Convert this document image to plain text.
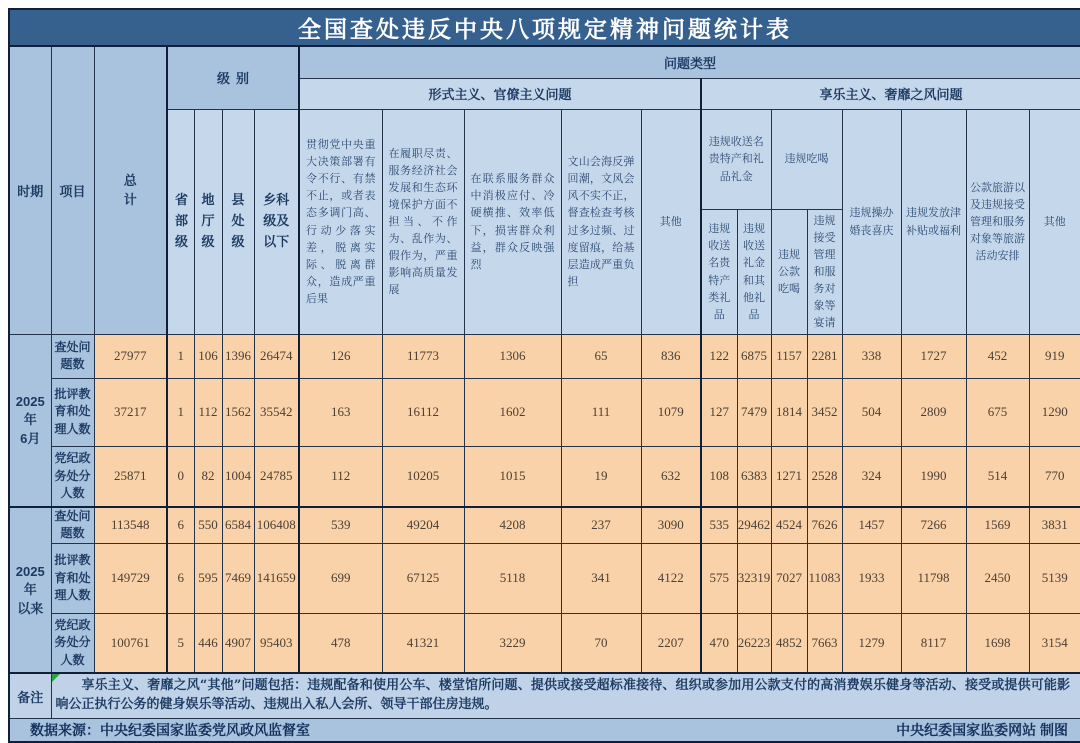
全国查处违反中央八项规定精神问题统计表																			
时期	项目	总计	级别				问题类型												
							形式主义、官僚主义问题					享乐主义、奢靡之风问题							
			省部级	地厅级	县处级	乡科级及以下	贯彻党中央重大决策部署有令不行、有禁不止，或者表态多调门高、行动少落实差，脱离实际、脱离群众，造成严重后果	在履职尽责、服务经济社会发展和生态环境保护方面不担当、不作为、乱作为、假作为，严重影响高质量发展	在联系服务群众中消极应付、冷硬横推、效率低下，损害群众利益，群众反映强烈	文山会海反弹回潮，文风会风不实不正，督查检查考核过多过频、过度留痕，给基层造成严重负担	其他	违规收送名贵特产和礼品礼金		违规吃喝		违规操办婚丧喜庆	违规发放津补贴或福利	公款旅游以及违规接受管理和服务对象等旅游活动安排	其他
												违规收送名贵特产类礼品	违规收送礼金和其他礼品	违规公款吃喝	违规接受管理和服务对象等宴请				

2025年
6月	查处问题数	27977	1	106	1396	26474	126	11773	1306	65	836	122	6875	1157	2281	338	1727	452	919
	批评教育和处理人数	37217	1	112	1562	35542	163	16112	1602	111	1079	127	7479	1814	3452	504	2809	675	1290
	党纪政务处分人数	25871	0	82	1004	24785	112	10205	1015	19	632	108	6383	1271	2528	324	1990	514	770

2025年
以来	查处问题数	113548	6	550	6584	106408	539	49204	4208	237	3090	535	29462	4524	7626	1457	7266	1569	3831
	批评教育和处理人数	149729	6	595	7469	141659	699	67125	5118	341	4122	575	32319	7027	11083	1933	11798	2450	5139
	党纪政务处分人数	100761	5	446	4907	95403	478	41321	3229	70	2207	470	26223	4852	7663	1279	8117	1698	3154
备注	享乐主义、奢靡之风“其他”问题包括：违规配备和使用公车、楼堂馆所问题、提供或接受超标准接待、组织或参加用公款支付的高消费娱乐健身等活动、接受或提供可能影响公正执行公务的健身娱乐等活动、违规出入私人会所、领导干部住房违规。																		

数据来源：中央纪委国家监委党风政风监督室 中央纪委国家监委网站 制图																			
